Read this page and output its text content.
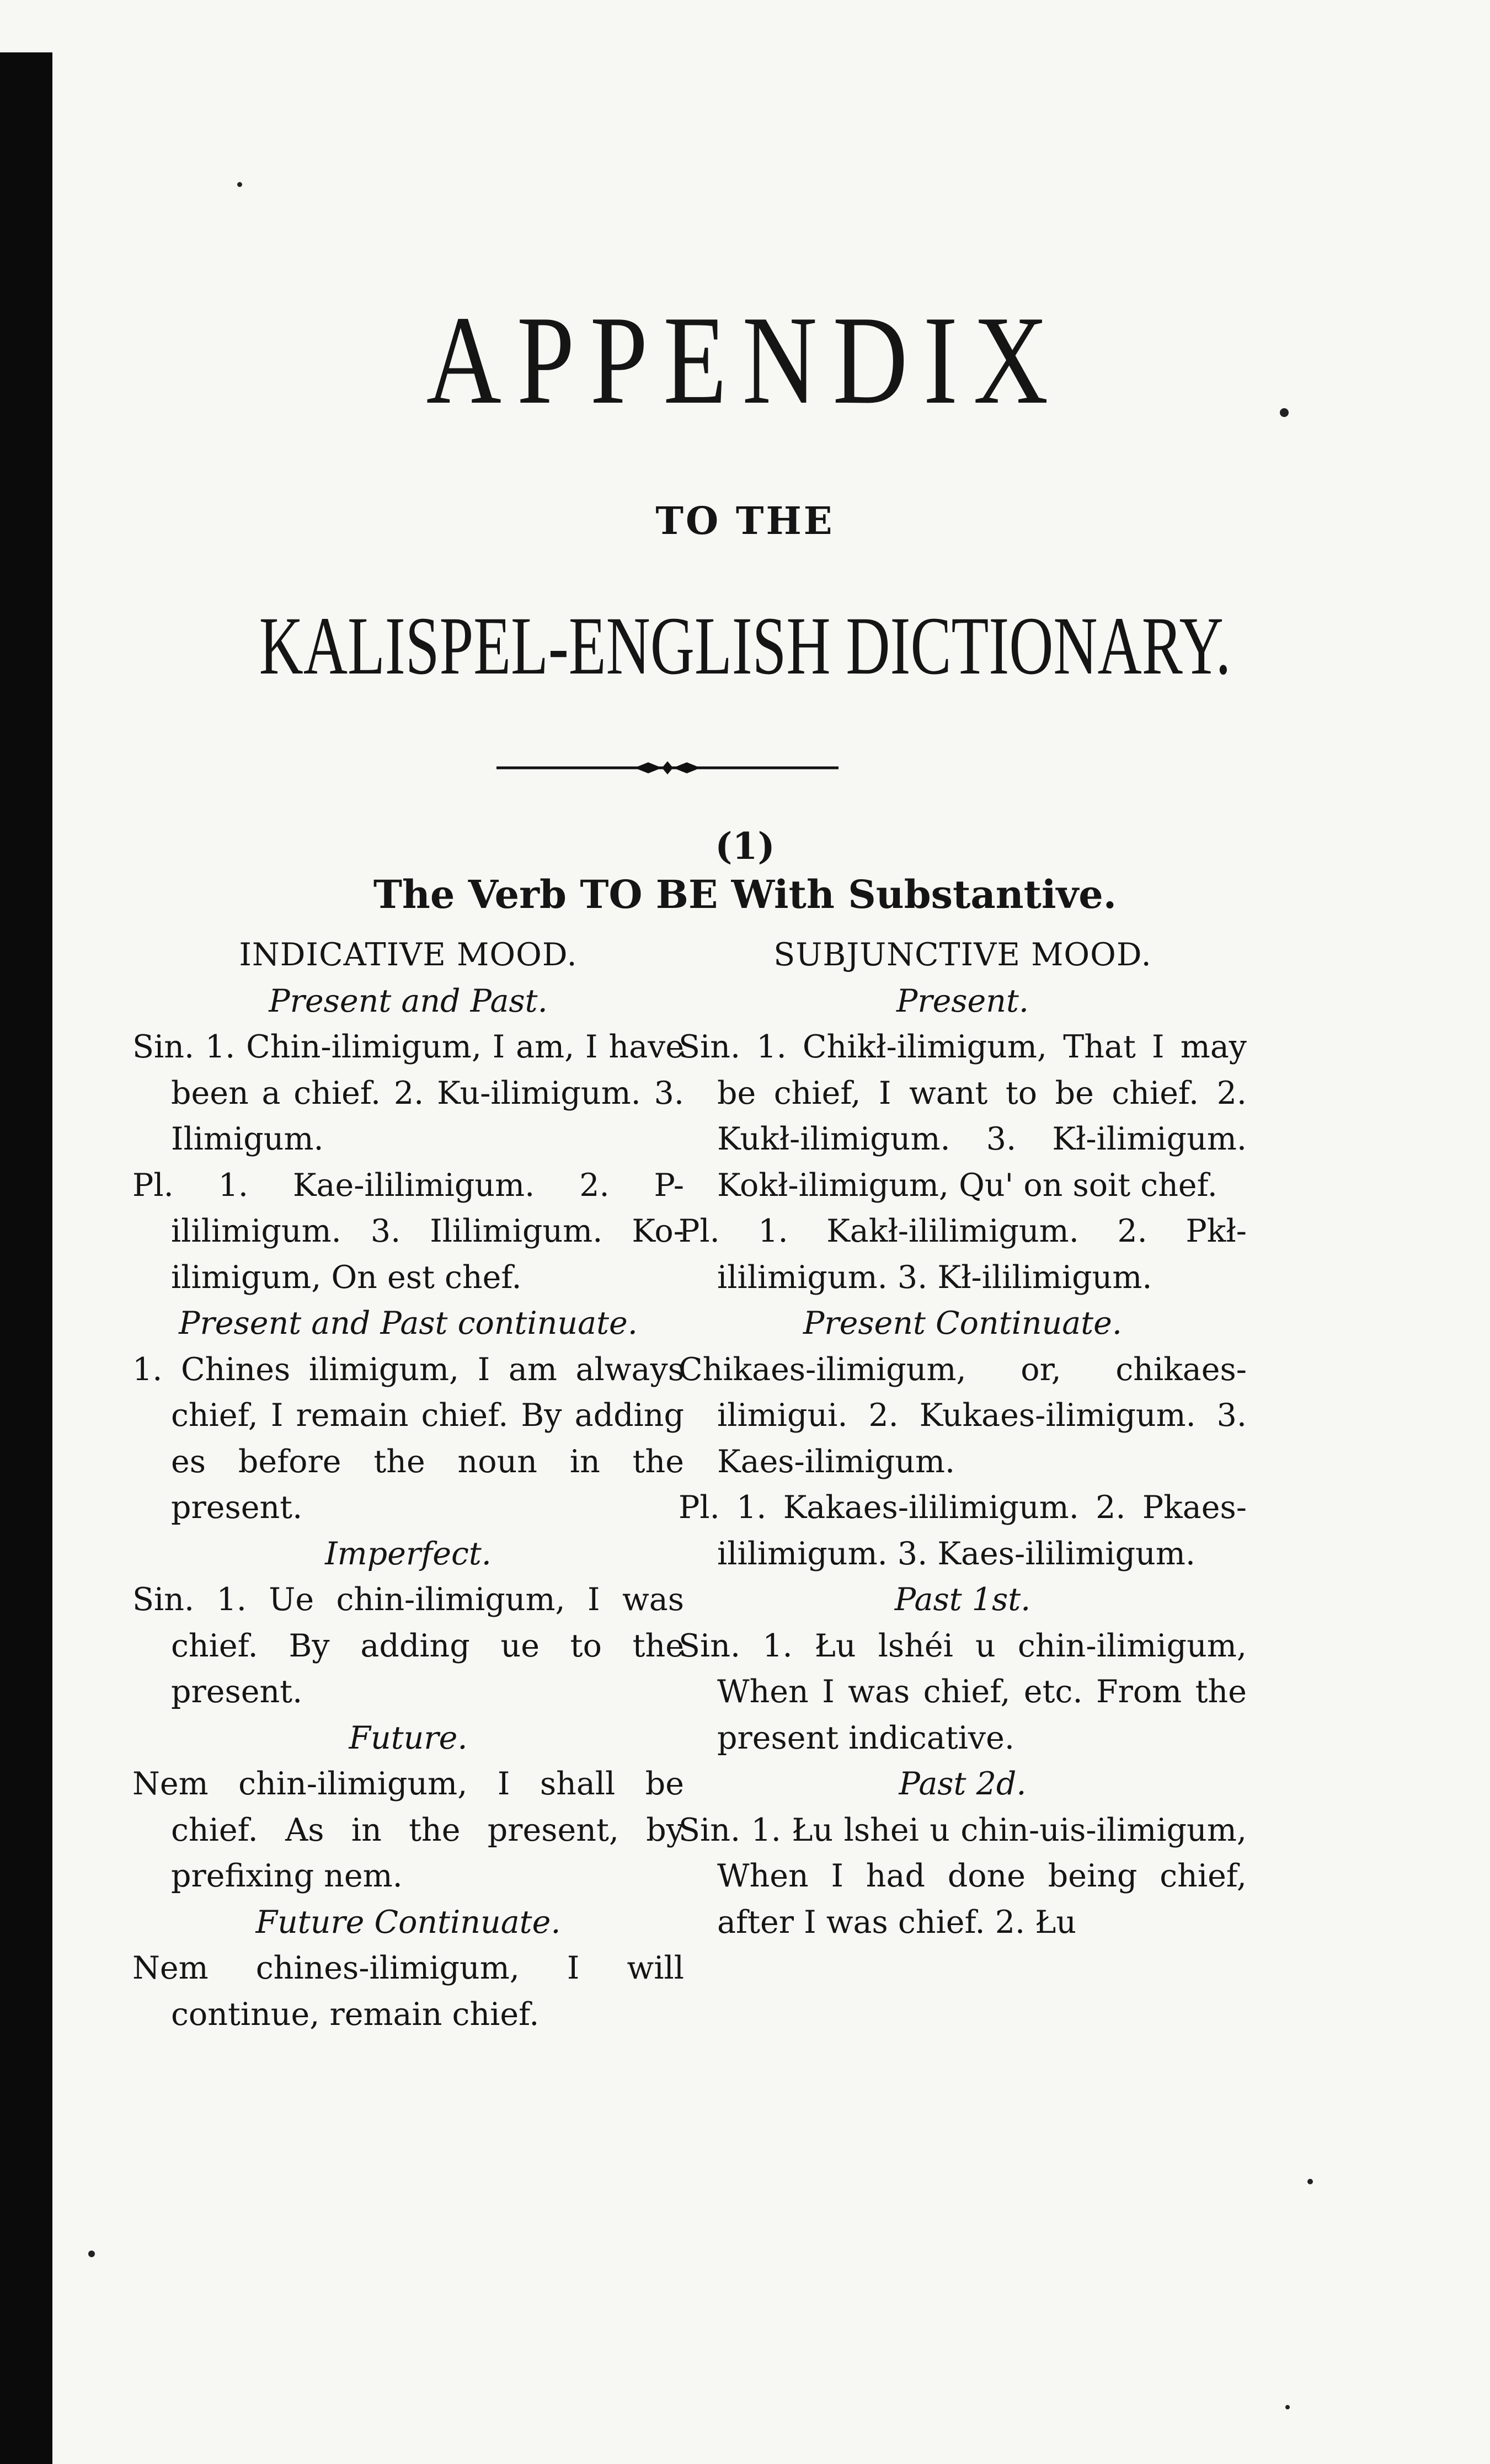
APPENDIX
TO THE
KALISPEL-ENGLISH DICTIONARY.
(1)
The Verb TO BE With Substantive.

INDICATIVE MOOD.

Present and Past.

Sin. 1. Chin-ilimigum, I am, I have been a chief. 2. Ku-ilimigum. 3. Ilimigum.

Pl. 1. Kae-ililimigum. 2. P-ililimigum. 3. Ililimigum. Ko-ilimigum, On est chef.

Present and Past continuate.

1. Chines ilimigum, I am always chief, I remain chief. By adding es before the noun in the present.

Imperfect.

Sin. 1. Ue chin-ilimigum, I was chief. By adding ue to the present.

Future.

Nem chin-ilimigum, I shall be chief. As in the present, by prefixing nem.

Future Continuate.

Nem chines-ilimigum, I will continue, remain chief.

SUBJUNCTIVE MOOD.

Present.

Sin. 1. Chikł-ilimigum, That I may be chief, I want to be chief. 2. Kukł-ilimigum. 3. Kł-ilimigum. Kokł-ilimigum, Qu' on soit chef.

Pl. 1. Kakł-ililimigum. 2. Pkł-ililimigum. 3. Kł-ililimigum.

Present Continuate.

Chikaes-ilimigum, or, chikaes-ilimigui. 2. Kukaes-ilimigum. 3. Kaes-ilimigum.

Pl. 1. Kakaes-ililimigum. 2. Pkaes-ililimigum. 3. Kaes-ililimigum.

Past 1st.

Sin. 1. Łu lshéi u chin-ilimigum, When I was chief, etc. From the present indicative.

Past 2d.

Sin. 1. Łu lshei u chin-uis-ilimigum, When I had done being chief, after I was chief. 2. Łu
